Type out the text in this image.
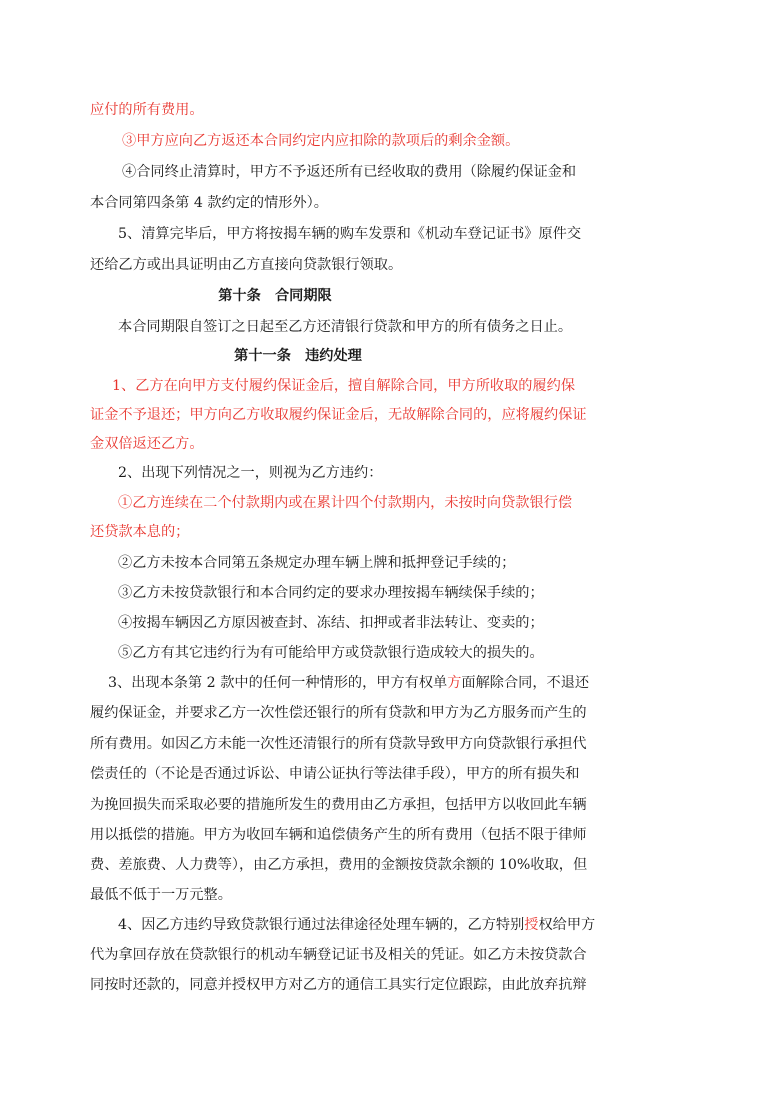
应付的所有费用。
③甲方应向乙方返还本合同约定内应扣除的款项后的剩余金额。
④合同终止清算时，甲方不予返还所有已经收取的费用（除履约保证金和
本合同第四条第 4 款约定的情形外）。
5、清算完毕后，甲方将按揭车辆的购车发票和《机动车登记证书》原件交
还给乙方或出具证明由乙方直接向贷款银行领取。
第十条　合同期限
本合同期限自签订之日起至乙方还清银行贷款和甲方的所有债务之日止。
第十一条　违约处理
1、乙方在向甲方支付履约保证金后，擅自解除合同，甲方所收取的履约保
证金不予退还；甲方向乙方收取履约保证金后，无故解除合同的，应将履约保证
金双倍返还乙方。
2、出现下列情况之一，则视为乙方违约：
①乙方连续在二个付款期内或在累计四个付款期内，未按时向贷款银行偿
还贷款本息的；
②乙方未按本合同第五条规定办理车辆上牌和抵押登记手续的；
③乙方未按贷款银行和本合同约定的要求办理按揭车辆续保手续的；
④按揭车辆因乙方原因被查封、冻结、扣押或者非法转让、变卖的；
⑤乙方有其它违约行为有可能给甲方或贷款银行造成较大的损失的。
3、出现本条第 2 款中的任何一种情形的，甲方有权单方面解除合同，不退还
履约保证金，并要求乙方一次性偿还银行的所有贷款和甲方为乙方服务而产生的
所有费用。如因乙方未能一次性还清银行的所有贷款导致甲方向贷款银行承担代
偿责任的（不论是否通过诉讼、申请公证执行等法律手段），甲方的所有损失和
为挽回损失而采取必要的措施所发生的费用由乙方承担，包括甲方以收回此车辆
用以抵偿的措施。甲方为收回车辆和追偿债务产生的所有费用（包括不限于律师
费、差旅费、人力费等），由乙方承担，费用的金额按贷款余额的 10%收取，但
最低不低于一万元整。
4、因乙方违约导致贷款银行通过法律途径处理车辆的，乙方特别授权给甲方
代为拿回存放在贷款银行的机动车辆登记证书及相关的凭证。如乙方未按贷款合
同按时还款的，同意并授权甲方对乙方的通信工具实行定位跟踪，由此放弃抗辩
